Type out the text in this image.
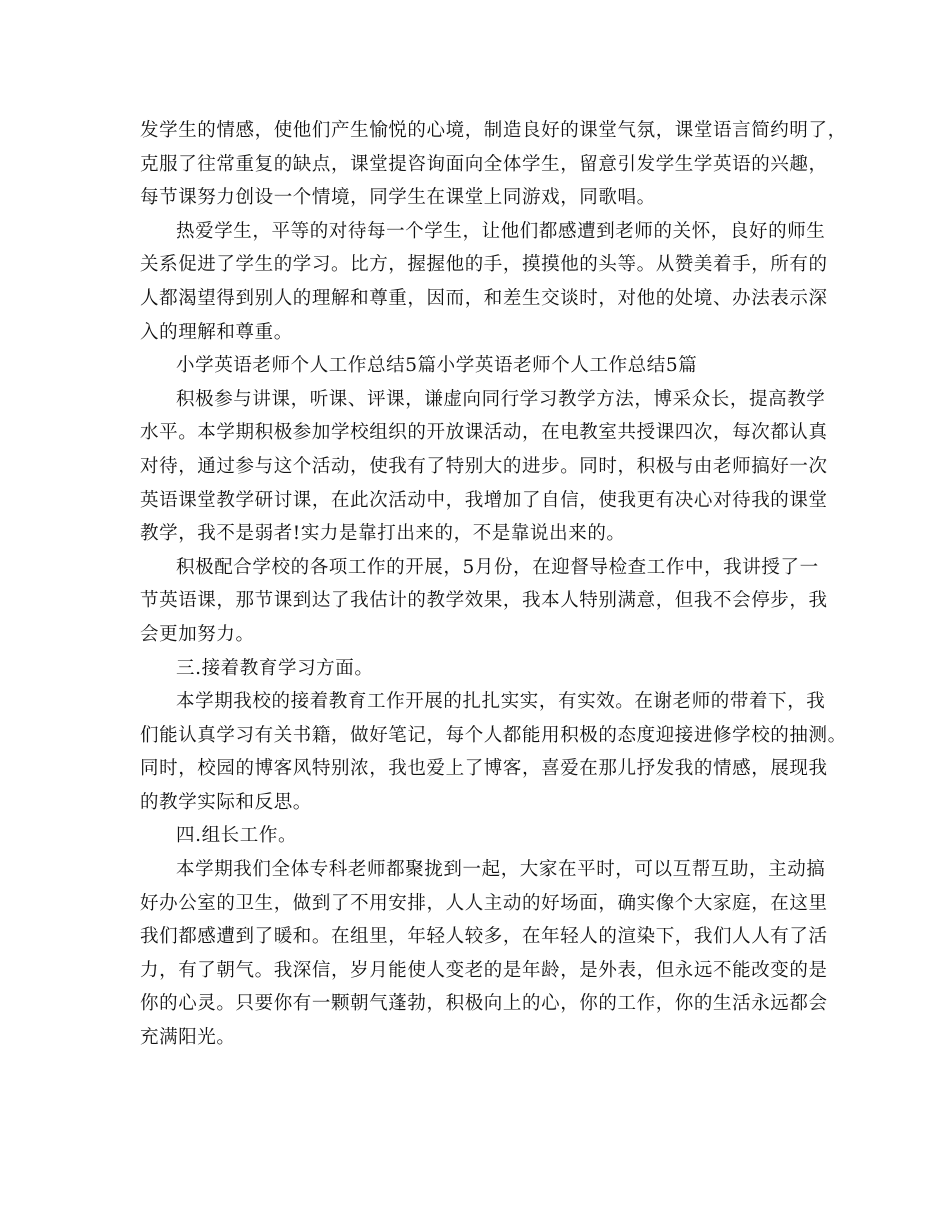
发学生的情感，使他们产生愉悦的心境，制造良好的课堂气氛，课堂语言简约明了，
克服了往常重复的缺点，课堂提咨询面向全体学生，留意引发学生学英语的兴趣，
每节课努力创设一个情境，同学生在课堂上同游戏，同歌唱。
热爱学生，平等的对待每一个学生，让他们都感遭到老师的关怀，良好的师生
关系促进了学生的学习。比方，握握他的手，摸摸他的头等。从赞美着手，所有的
人都渴望得到别人的理解和尊重，因而，和差生交谈时，对他的处境、办法表示深
入的理解和尊重。
小学英语老师个人工作总结5篇小学英语老师个人工作总结5篇
积极参与讲课，听课、评课，谦虚向同行学习教学方法，博采众长，提高教学
水平。本学期积极参加学校组织的开放课活动，在电教室共授课四次，每次都认真
对待，通过参与这个活动，使我有了特别大的进步。同时，积极与由老师搞好一次
英语课堂教学研讨课，在此次活动中，我增加了自信，使我更有决心对待我的课堂
教学，我不是弱者!实力是靠打出来的，不是靠说出来的。
积极配合学校的各项工作的开展，5月份，在迎督导检查工作中，我讲授了一
节英语课，那节课到达了我估计的教学效果，我本人特别满意，但我不会停步，我
会更加努力。
三.接着教育学习方面。
本学期我校的接着教育工作开展的扎扎实实，有实效。在谢老师的带着下，我
们能认真学习有关书籍，做好笔记，每个人都能用积极的态度迎接进修学校的抽测。
同时，校园的博客风特别浓，我也爱上了博客，喜爱在那儿抒发我的情感，展现我
的教学实际和反思。
四.组长工作。
本学期我们全体专科老师都聚拢到一起，大家在平时，可以互帮互助，主动搞
好办公室的卫生，做到了不用安排，人人主动的好场面，确实像个大家庭，在这里
我们都感遭到了暖和。在组里，年轻人较多，在年轻人的渲染下，我们人人有了活
力，有了朝气。我深信，岁月能使人变老的是年龄，是外表，但永远不能改变的是
你的心灵。只要你有一颗朝气蓬勃，积极向上的心，你的工作，你的生活永远都会
充满阳光。
